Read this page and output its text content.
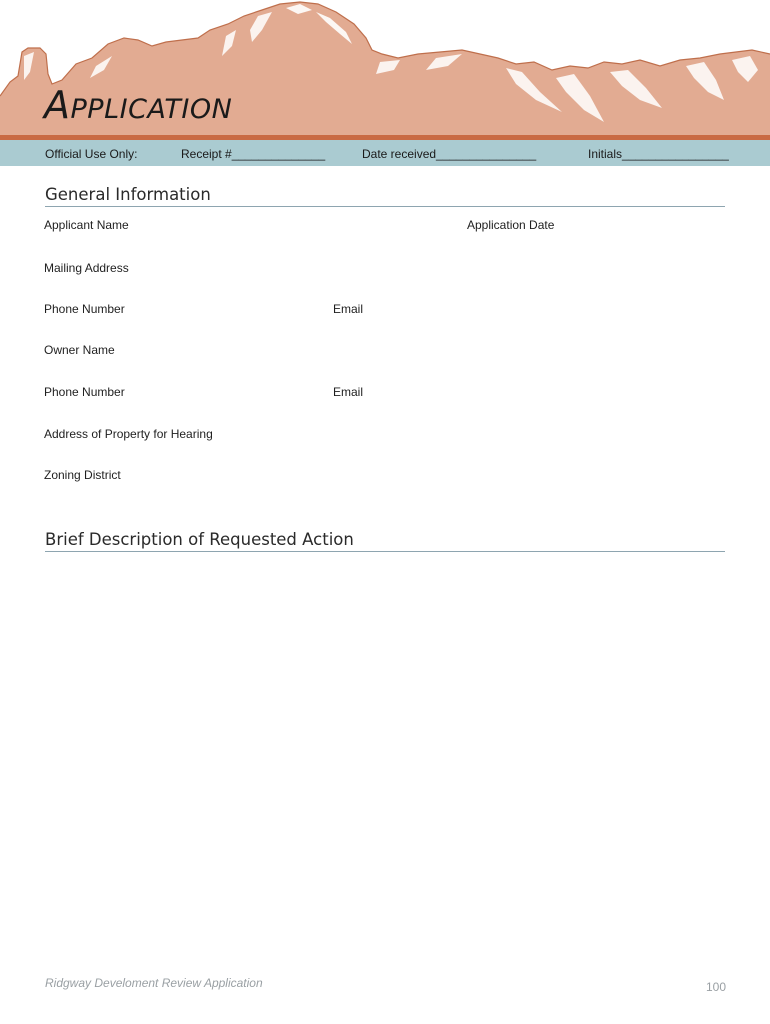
APPLICATION
Official Use Only:	Receipt #______________	Date received_______________	Initials________________
General Information
Applicant Name	Application Date
Mailing Address
Phone Number	Email
Owner Name
Phone Number	Email
Address of Property for Hearing
Zoning District
Brief Description of Requested Action
Ridgway Develoment Review Application	100
